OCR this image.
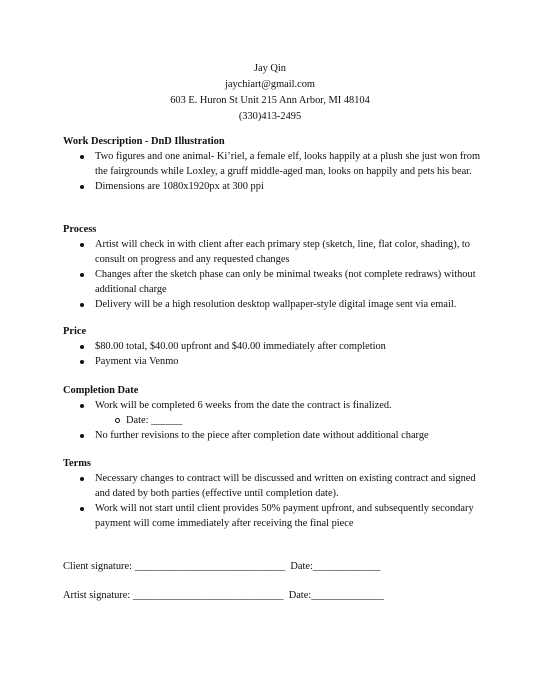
Jay Qin
jaychiart@gmail.com
603 E. Huron St Unit 215 Ann Arbor, MI 48104
(330)413-2495
Work Description - DnD Illustration
Two figures and one animal- Ki’riel, a female elf, looks happily at a plush she just won from the fairgrounds while Loxley, a gruff middle-aged man, looks on happily and pets his bear.
Dimensions are 1080x1920px at 300 ppi
Process
Artist will check in with client after each primary step (sketch, line, flat color, shading), to consult on progress and any requested changes
Changes after the sketch phase can only be minimal tweaks (not complete redraws) without additional charge
Delivery will be a high resolution desktop wallpaper-style digital image sent via email.
Price
$80.00 total, $40.00 upfront and $40.00 immediately after completion
Payment via Venmo
Completion Date
Work will be completed 6 weeks from the date the contract is finalized.
Date: ______
No further revisions to the piece after completion date without additional charge
Terms
Necessary changes to contract will be discussed and written on existing contract and signed and dated by both parties (effective until completion date).
Work will not start until client provides 50% payment upfront, and subsequently secondary payment will come immediately after receiving the final piece
Client signature: _____________________________  Date:_____________
Artist signature: _____________________________  Date:______________
